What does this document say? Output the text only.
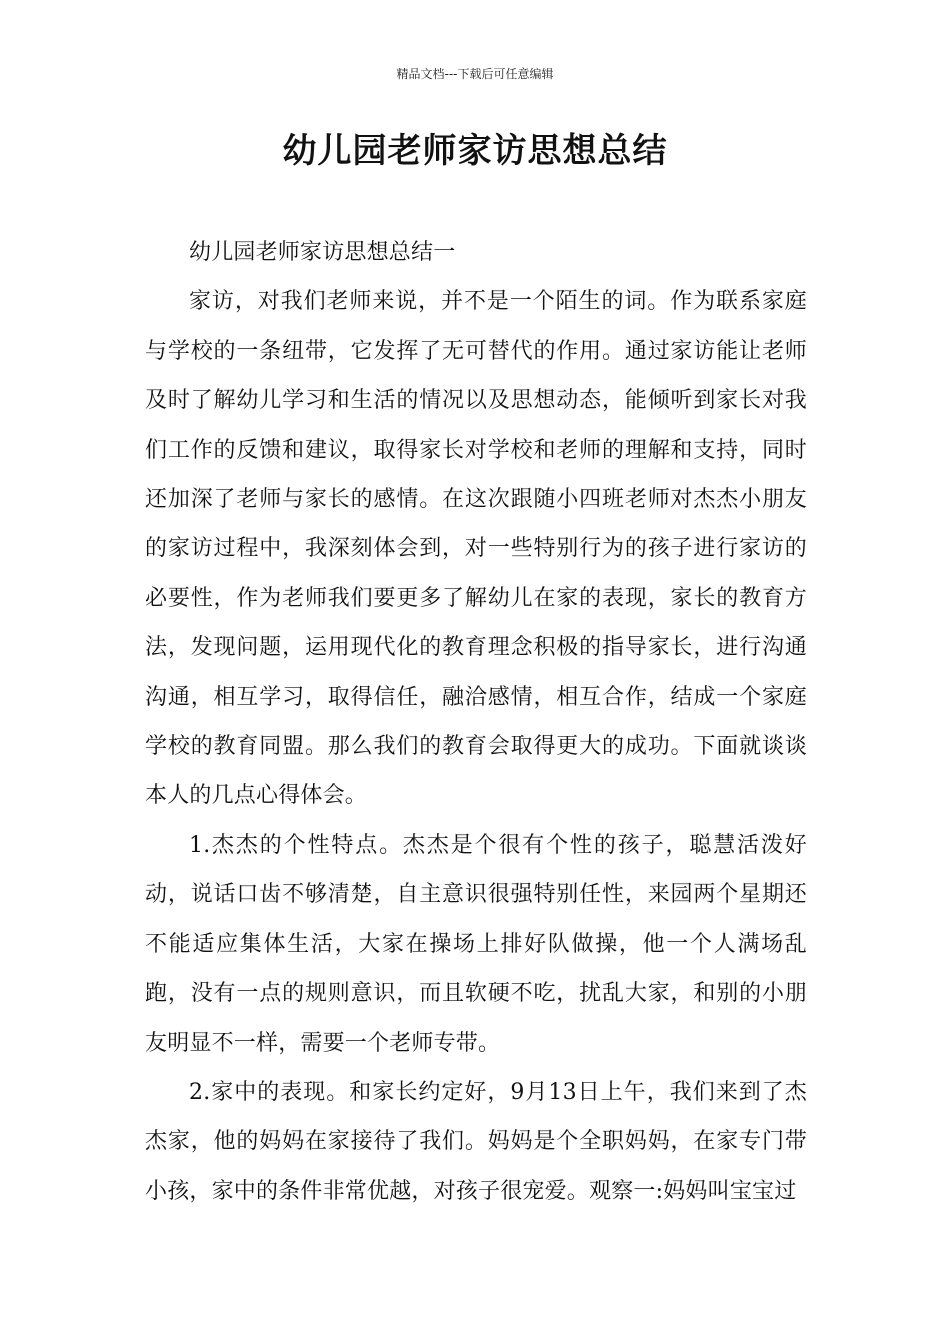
精品文档---下载后可任意编辑
幼儿园老师家访思想总结

幼儿园老师家访思想总结一

家访，对我们老师来说，并不是一个陌生的词。作为联系家庭与学校的一条纽带，它发挥了无可替代的作用。通过家访能让老师及时了解幼儿学习和生活的情况以及思想动态，能倾听到家长对我们工作的反馈和建议，取得家长对学校和老师的理解和支持，同时还加深了老师与家长的感情。在这次跟随小四班老师对杰杰小朋友的家访过程中，我深刻体会到，对一些特别行为的孩子进行家访的必要性，作为老师我们要更多了解幼儿在家的表现，家长的教育方法，发现问题，运用现代化的教育理念积极的指导家长，进行沟通沟通，相互学习，取得信任，融洽感情，相互合作，结成一个家庭学校的教育同盟。那么我们的教育会取得更大的成功。下面就谈谈本人的几点心得体会。

1.杰杰的个性特点。杰杰是个很有个性的孩子，聪慧活泼好动，说话口齿不够清楚，自主意识很强特别任性，来园两个星期还不能适应集体生活，大家在操场上排好队做操，他一个人满场乱跑，没有一点的规则意识，而且软硬不吃，扰乱大家，和别的小朋友明显不一样，需要一个老师专带。

2.家中的表现。和家长约定好，9月13日上午，我们来到了杰杰家，他的妈妈在家接待了我们。妈妈是个全职妈妈，在家专门带小孩，家中的条件非常优越，对孩子很宠爱。观察一:妈妈叫宝宝过
